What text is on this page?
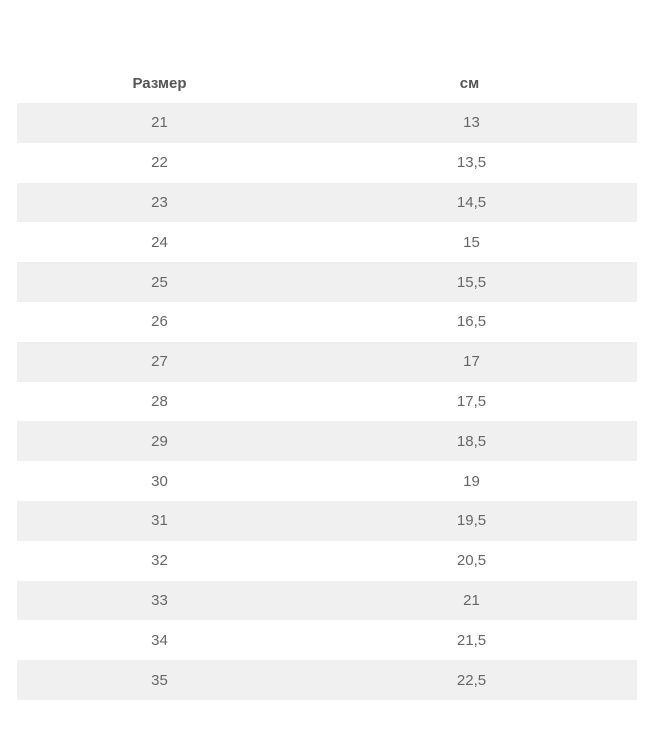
Размер	см
21	13
22	13,5
23	14,5
24	15
25	15,5
26	16,5
27	17
28	17,5
29	18,5
30	19
31	19,5
32	20,5
33	21
34	21,5
35	22,5
